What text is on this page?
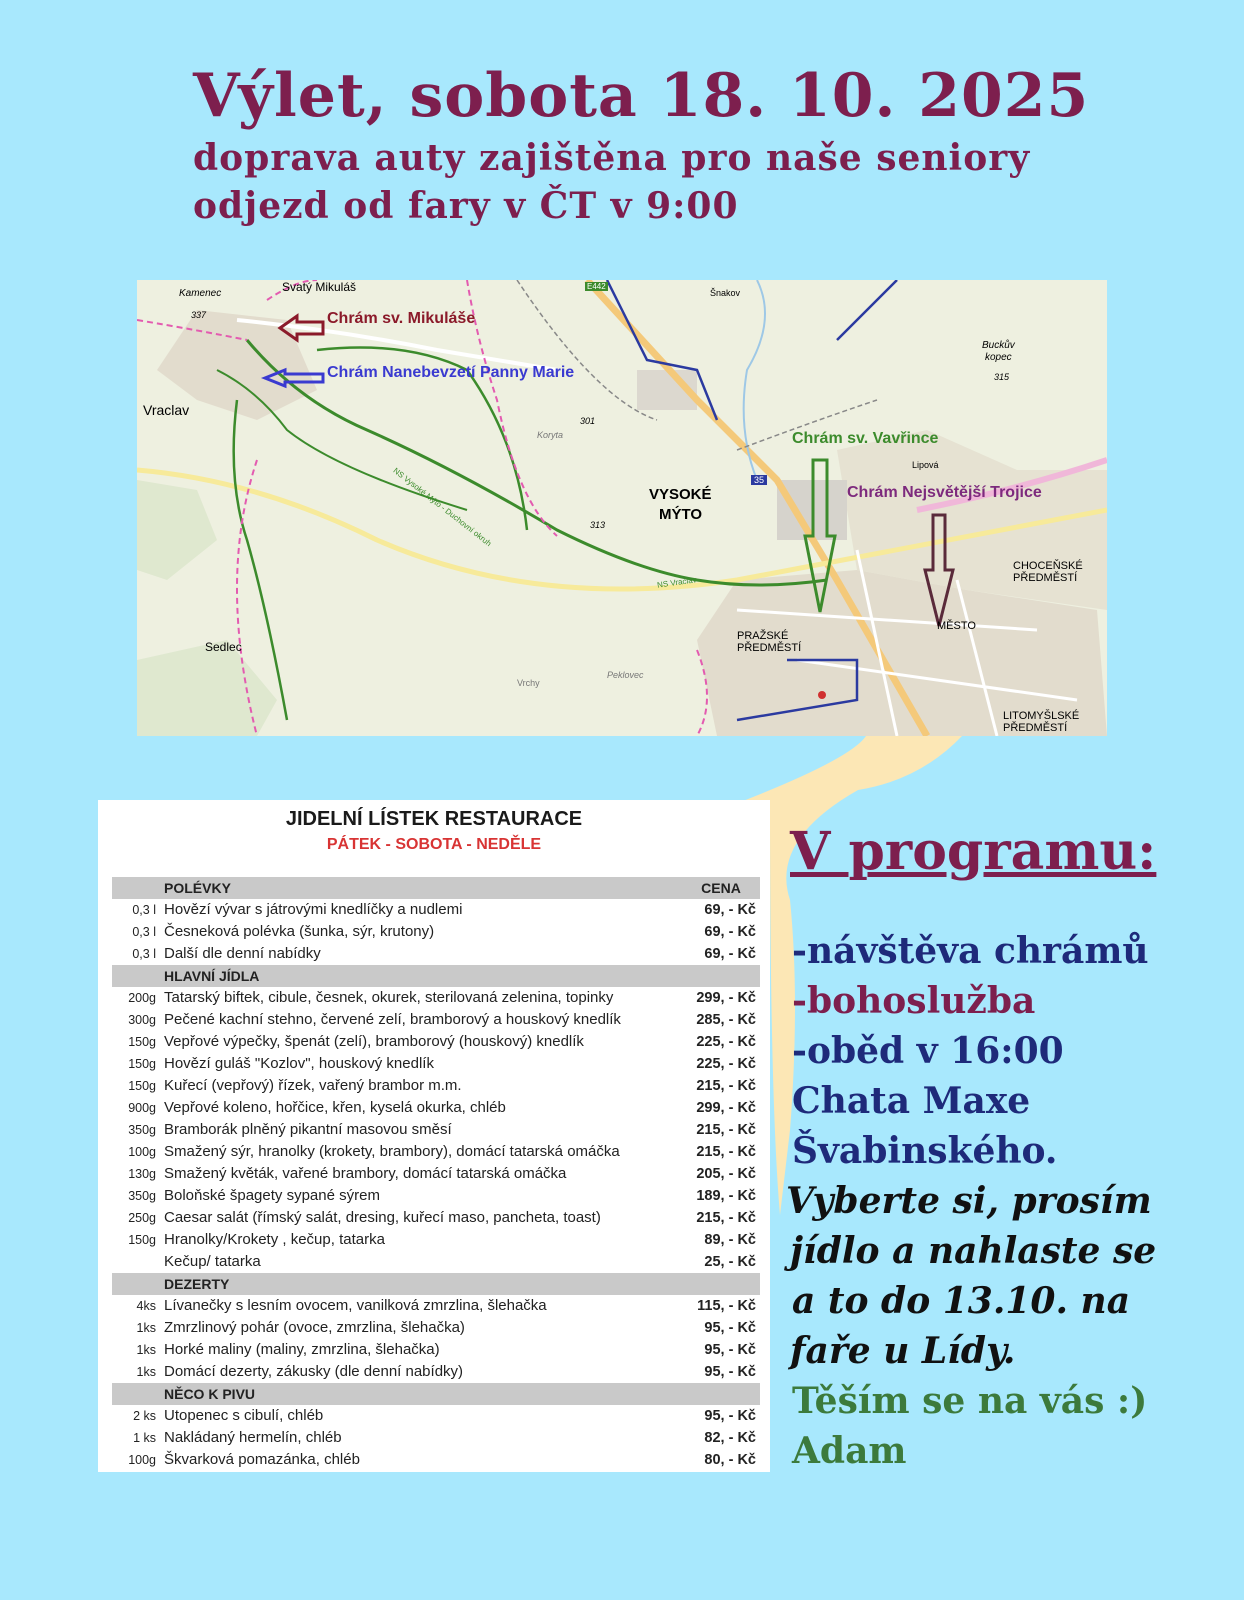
Výlet, sobota 18. 10. 2025
doprava auty zajištěna pro naše seniory
odjezd od fary v ČT v 9:00
Kamenec
337
Svatý Mikuláš
Vraclav
Sedlec
VYSOKÉ
MÝTO
PRAŽSKÉ
PŘEDMĚSTÍ
CHOCEŇSKÉ
PŘEDMĚSTÍ
LITOMYŠLSKÉ
PŘEDMĚSTÍ
MĚSTO
Buckův
kopec
315
301
313
Šnakov
Koryta
Lipová
Peklovec
Vrchy
E442
35
NS Vysoké Mýto - Duchovní okruh
NS Vraclav
Chrám sv. Mikuláše
Chrám Nanebevzetí Panny Marie
Chrám sv. Vavřince
Chrám Nejsvětější Trojice
JIDELNÍ LÍSTEK RESTAURACE
PÁTEK - SOBOTA - NEDĚLE
	POLÉVKY	CENA
0,3 l	Hovězí vývar s játrovými knedlíčky a nudlemi	69, - Kč
0,3 l	Česneková polévka (šunka, sýr, krutony)	69, - Kč
0,3 l	Další dle denní nabídky	69, - Kč
	HLAVNÍ JÍDLA	
200g	Tatarský biftek, cibule, česnek, okurek, sterilovaná zelenina, topinky	299, - Kč
300g	Pečené kachní stehno, červené zelí, bramborový a houskový knedlík	285, - Kč
150g	Vepřové výpečky, špenát (zelí), bramborový (houskový) knedlík	225, - Kč
150g	Hovězí guláš "Kozlov", houskový knedlík	225, - Kč
150g	Kuřecí (vepřový) řízek, vařený brambor m.m.	215, - Kč
900g	Vepřové koleno, hořčice, křen, kyselá okurka, chléb	299, - Kč
350g	Bramborák plněný pikantní masovou směsí	215, - Kč
100g	Smažený sýr, hranolky (krokety, brambory), domácí tatarská omáčka	215, - Kč
130g	Smažený květák, vařené brambory, domácí tatarská omáčka	205, - Kč
350g	Boloňské špagety sypané sýrem	189, - Kč
250g	Caesar salát (římský salát, dresing, kuřecí maso, pancheta, toast)	215, - Kč
150g	Hranolky/Krokety , kečup, tatarka	89, - Kč
	Kečup/ tatarka	25, - Kč
	DEZERTY	
4ks	Lívanečky s lesním ovocem, vanilková zmrzlina, šlehačka	115, - Kč
1ks	Zmrzlinový pohár (ovoce, zmrzlina, šlehačka)	95, - Kč
1ks	Horké maliny (maliny, zmrzlina, šlehačka)	95, - Kč
1ks	Domácí dezerty, zákusky (dle denní nabídky)	95, - Kč
	NĚCO K PIVU	
2 ks	Utopenec s cibulí, chléb	95, - Kč
1 ks	Nakládaný hermelín, chléb	82, - Kč
100g	Škvarková pomazánka, chléb	80, - Kč
V programu:
-návštěva chrámů
-bohoslužba
-oběd v 16:00
Chata Maxe
Švabinského.
Vyberte si, prosím
jídlo a nahlaste se
a to do 13.10. na
faře u Lídy.
Těším se na vás :)
Adam
